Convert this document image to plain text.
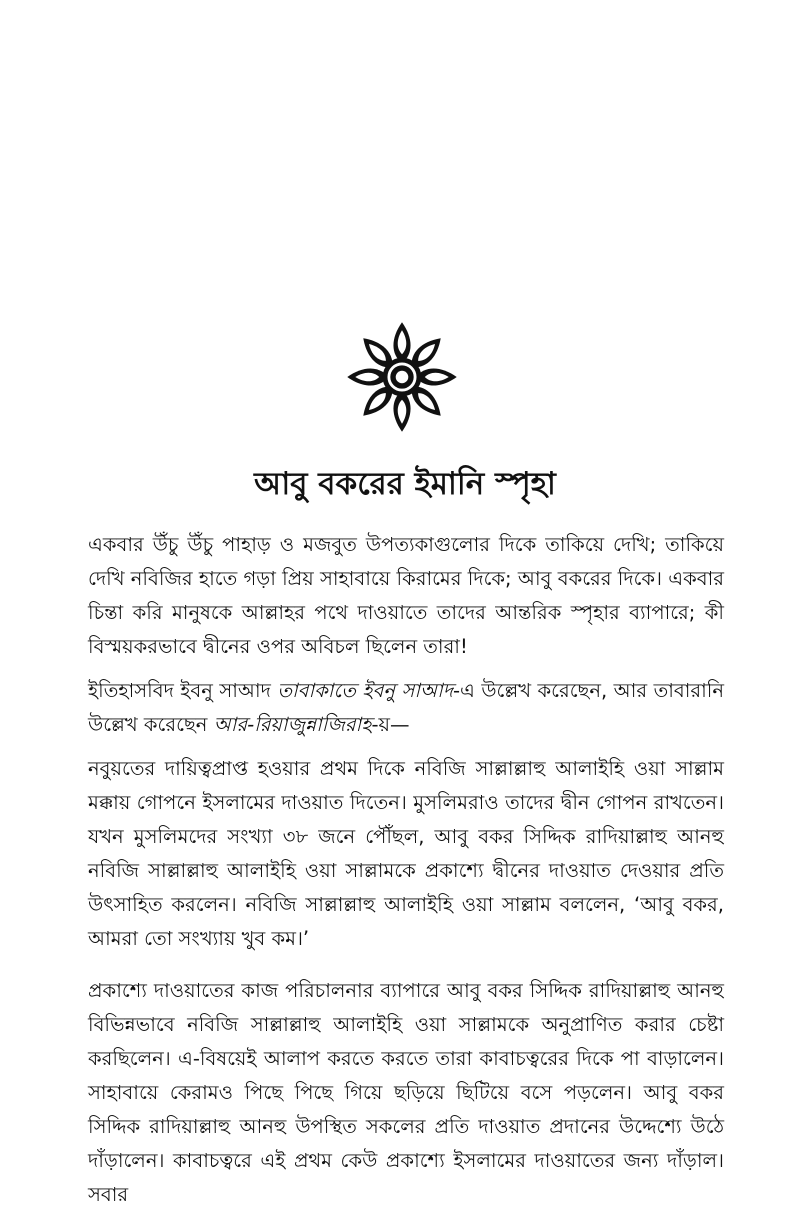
আবু বকরের ইমানি স্পৃহা

একবার উঁচু উঁচু পাহাড় ও মজবুত উপত্যকাগুলোর দিকে তাকিয়ে দেখি; তাকিয়ে দেখি নবিজির হাতে গড়া প্রিয় সাহাবায়ে কিরামের দিকে; আবু বকরের দিকে। একবার চিন্তা করি মানুষকে আল্লাহর পথে দাওয়াতে তাদের আন্তরিক স্পৃহার ব্যাপারে; কী বিস্ময়করভাবে দ্বীনের ওপর অবিচল ছিলেন তারা!

ইতিহাসবিদ ইবনু সাআদ তাবাকাতে ইবনু সাআদ-এ উল্লেখ করেছেন, আর তাবারানি উল্লেখ করেছেন আর-রিয়াজুন্নাজিরাহ-য়—

নবুয়তের দায়িত্বপ্রাপ্ত হওয়ার প্রথম দিকে নবিজি সাল্লাল্লাহু আলাইহি ওয়া সাল্লাম মক্কায় গোপনে ইসলামের দাওয়াত দিতেন। মুসলিমরাও তাদের দ্বীন গোপন রাখতেন। যখন মুসলিমদের সংখ্যা ৩৮ জনে পৌঁছল, আবু বকর সিদ্দিক রাদিয়াল্লাহু আনহু নবিজি সাল্লাল্লাহু আলাইহি ওয়া সাল্লামকে প্রকাশ্যে দ্বীনের দাওয়াত দেওয়ার প্রতি উৎসাহিত করলেন। নবিজি সাল্লাল্লাহু আলাইহি ওয়া সাল্লাম বললেন, ‘আবু বকর, আমরা তো সংখ্যায় খুব কম।’

প্রকাশ্যে দাওয়াতের কাজ পরিচালনার ব্যাপারে আবু বকর সিদ্দিক রাদিয়াল্লাহু আনহু বিভিন্নভাবে নবিজি সাল্লাল্লাহু আলাইহি ওয়া সাল্লামকে অনুপ্রাণিত করার চেষ্টা করছিলেন। এ-বিষয়েই আলাপ করতে করতে তারা কাবাচত্বরের দিকে পা বাড়ালেন। সাহাবায়ে কেরামও পিছে পিছে গিয়ে ছড়িয়ে ছিটিয়ে বসে পড়লেন। আবু বকর সিদ্দিক রাদিয়াল্লাহু আনহু উপস্থিত সকলের প্রতি দাওয়াত প্রদানের উদ্দেশ্যে উঠে দাঁড়ালেন। কাবাচত্বরে এই প্রথম কেউ প্রকাশ্যে ইসলামের দাওয়াতের জন্য দাঁড়াল। সবার
